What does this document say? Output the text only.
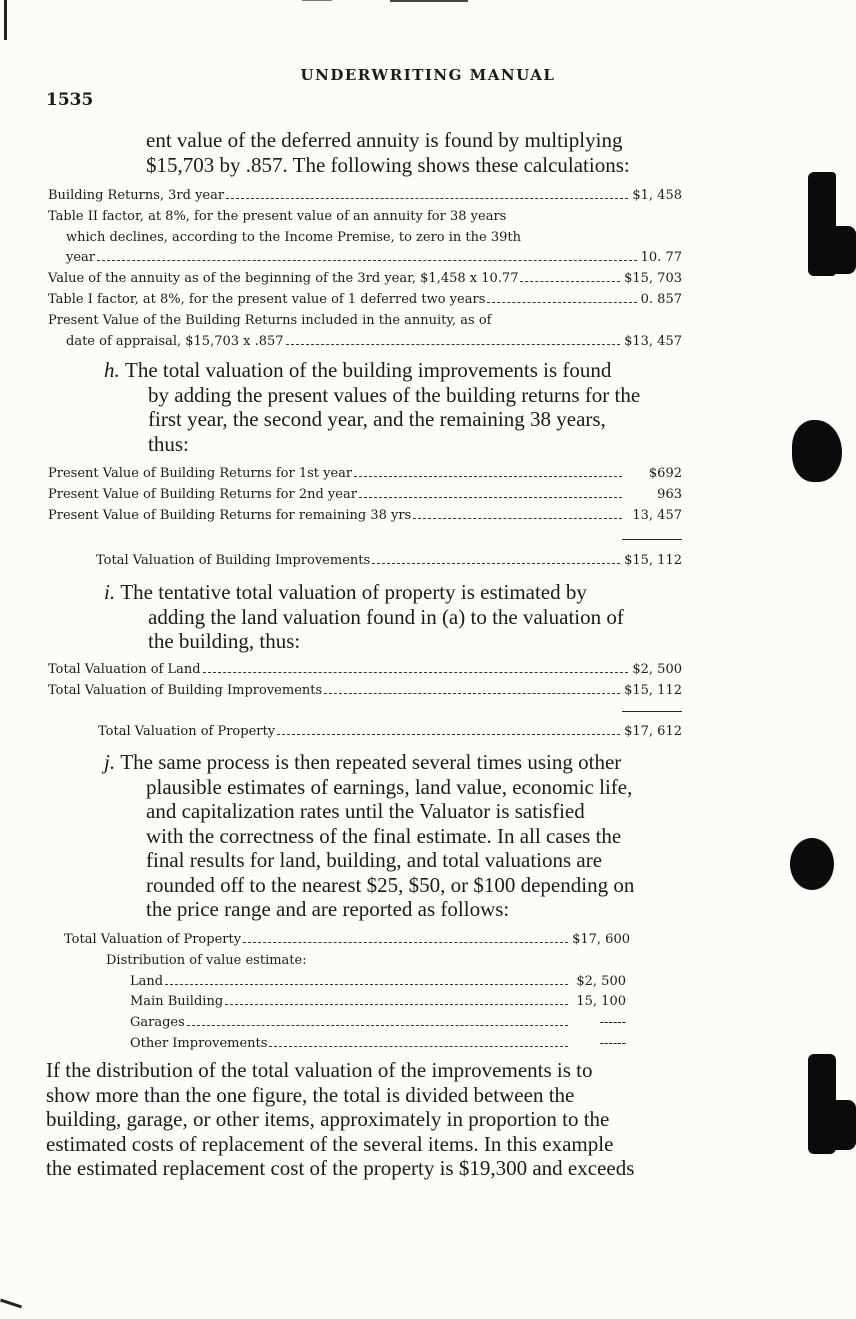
UNDERWRITING MANUAL
1535
ent value of the deferred annuity is found by multiplying
$15,703 by .857. The following shows these calculations:
Building Returns, 3rd year	$1, 458
Table II factor, at 8%, for the present value of an annuity for 38 years
which declines, according to the Income Premise, to zero in the 39th
year	10. 77
Value of the annuity as of the beginning of the 3rd year, $1,458 x 10.77	$15, 703
Table I factor, at 8%, for the present value of 1 deferred two years	0. 857
Present Value of the Building Returns included in the annuity, as of
date of appraisal, $15,703 x .857	$13, 457
h. The total valuation of the building improvements is found
by adding the present values of the building returns for the
first year, the second year, and the remaining 38 years,
thus:
Present Value of Building Returns for 1st year	$692
Present Value of Building Returns for 2nd year	963
Present Value of Building Returns for remaining 38 yrs	13, 457
Total Valuation of Building Improvements	$15, 112
i. The tentative total valuation of property is estimated by
adding the land valuation found in (a) to the valuation of
the building, thus:
Total Valuation of Land	$2, 500
Total Valuation of Building Improvements	$15, 112
Total Valuation of Property	$17, 612
j. The same process is then repeated several times using other
plausible estimates of earnings, land value, economic life,
and capitalization rates until the Valuator is satisfied
with the correctness of the final estimate. In all cases the
final results for land, building, and total valuations are
rounded off to the nearest $25, $50, or $100 depending on
the price range and are reported as follows:
Total Valuation of Property	$17, 600
Distribution of value estimate:
Land	$2, 500
Main Building	15, 100
Garages	------
Other Improvements	------
If the distribution of the total valuation of the improvements is to
show more than the one figure, the total is divided between the
building, garage, or other items, approximately in proportion to the
estimated costs of replacement of the several items. In this example
the estimated replacement cost of the property is $19,300 and exceeds
